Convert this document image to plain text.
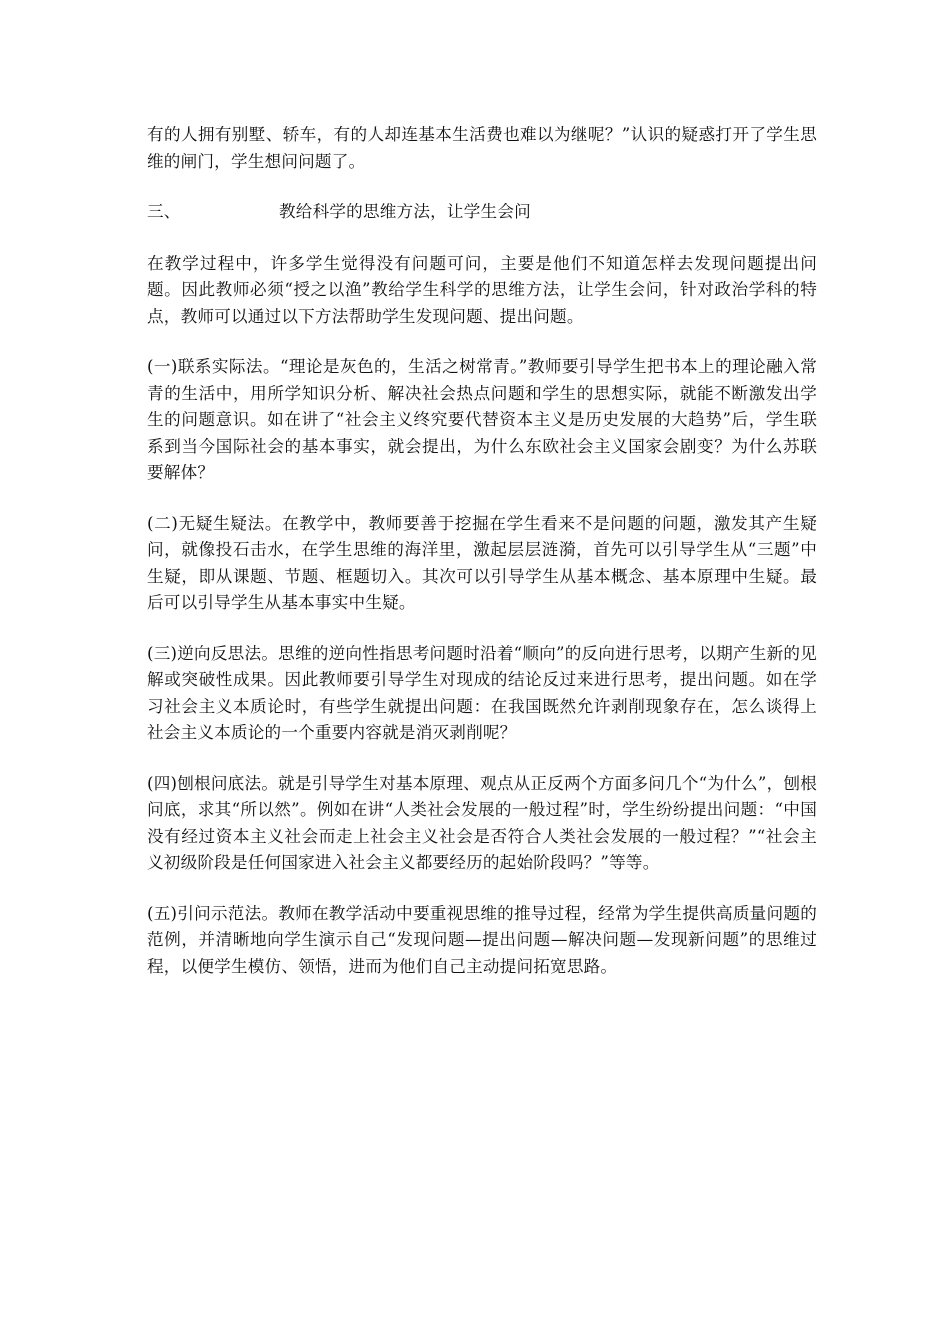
有的人拥有别墅、轿车，有的人却连基本生活费也难以为继呢？”认识的疑惑打开了学生思维的闸门，学生想问问题了。

三、	教给科学的思维方法，让学生会问

在教学过程中，许多学生觉得没有问题可问，主要是他们不知道怎样去发现问题提出问题。因此教师必须“授之以渔”教给学生科学的思维方法，让学生会问，针对政治学科的特点，教师可以通过以下方法帮助学生发现问题、提出问题。

(一)联系实际法。“理论是灰色的，生活之树常青。”教师要引导学生把书本上的理论融入常青的生活中，用所学知识分析、解决社会热点问题和学生的思想实际，就能不断激发出学生的问题意识。如在讲了“社会主义终究要代替资本主义是历史发展的大趋势”后，学生联系到当今国际社会的基本事实，就会提出，为什么东欧社会主义国家会剧变？为什么苏联要解体？

(二)无疑生疑法。在教学中，教师要善于挖掘在学生看来不是问题的问题，激发其产生疑问，就像投石击水，在学生思维的海洋里，激起层层涟漪，首先可以引导学生从“三题”中生疑，即从课题、节题、框题切入。其次可以引导学生从基本概念、基本原理中生疑。最后可以引导学生从基本事实中生疑。

(三)逆向反思法。思维的逆向性指思考问题时沿着“顺向”的反向进行思考，以期产生新的见解或突破性成果。因此教师要引导学生对现成的结论反过来进行思考，提出问题。如在学习社会主义本质论时，有些学生就提出问题：在我国既然允许剥削现象存在，怎么谈得上社会主义本质论的一个重要内容就是消灭剥削呢？

(四)刨根问底法。就是引导学生对基本原理、观点从正反两个方面多问几个“为什么”，刨根问底，求其“所以然”。例如在讲“人类社会发展的一般过程”时，学生纷纷提出问题：“中国没有经过资本主义社会而走上社会主义社会是否符合人类社会发展的一般过程？”“社会主义初级阶段是任何国家进入社会主义都要经历的起始阶段吗？”等等。

(五)引问示范法。教师在教学活动中要重视思维的推导过程，经常为学生提供高质量问题的范例，并清晰地向学生演示自己“发现问题—提出问题—解决问题—发现新问题”的思维过程，以便学生模仿、领悟，进而为他们自己主动提问拓宽思路。
